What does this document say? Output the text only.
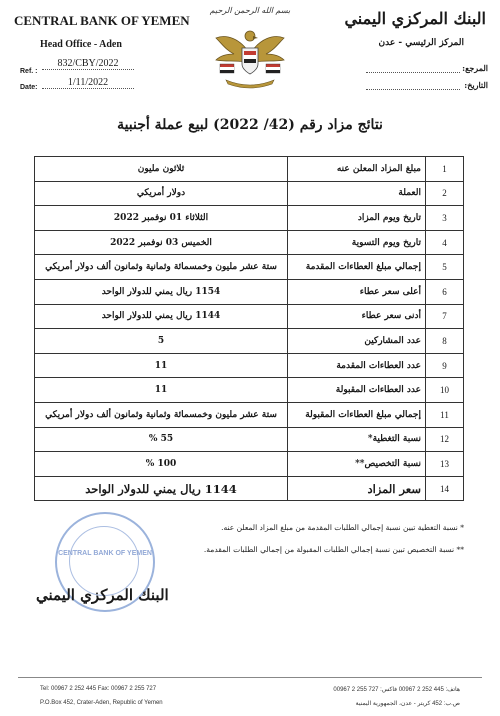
CENTRAL BANK OF YEMEN
Head Office - Aden
Ref. :
832/CBY/2022
Date:	1/11/2022
بسم الله الرحمن الرحيم	البنك المركزي اليمني
المركز الرئيسي - عدن
المرجع:
التاريخ:
نتائج مزاد رقم (42/ 2022) لبيع عملة أجنبية
1	مبلغ المزاد المعلن عنه	ثلاثون مليون
2	العملة	دولار أمريكي
3	تاريخ ويوم المزاد	الثلاثاء 01 نوفمبر 2022
4	تاريخ ويوم التسوية	الخميس 03 نوفمبر 2022
5	إجمالي مبلغ العطاءات المقدمة	ستة عشر مليون وخمسمائة وثمانية وثمانون ألف دولار أمريكي
6	أعلى سعر عطاء	1154 ريال يمني للدولار الواحد
7	أدنى سعر عطاء	1144 ريال يمني للدولار الواحد
8	عدد المشاركين	5
9	عدد العطاءات المقدمة	11
10	عدد العطاءات المقبولة	11
11	إجمالي مبلغ العطاءات المقبولة	ستة عشر مليون وخمسمائة وثمانية وثمانون ألف دولار أمريكي
12	نسبة التغطية*	55 %
13	نسبة التخصيص**	100 %
14	سعر المزاد	1144 ريال يمني للدولار الواحد
* نسبة التغطية تبين نسبة إجمالي الطلبات المقدمة من مبلغ المزاد المعلن عنه.
** نسبة التخصيص تبين نسبة إجمالي الطلبات المقبولة من إجمالي الطلبات المقدمة.
CENTRAL BANK OF YEMEN
البنك المركزي اليمني
Tel: 00967 2 252 445 Fax: 00967 2 255 727
P.O.Box 452, Crater-Aden, Republic of Yemen
هاتف: 445 252 2 00967 فاكس: 727 255 2 00967
ص.ب: 452 كريتر - عدن، الجمهورية اليمنية
